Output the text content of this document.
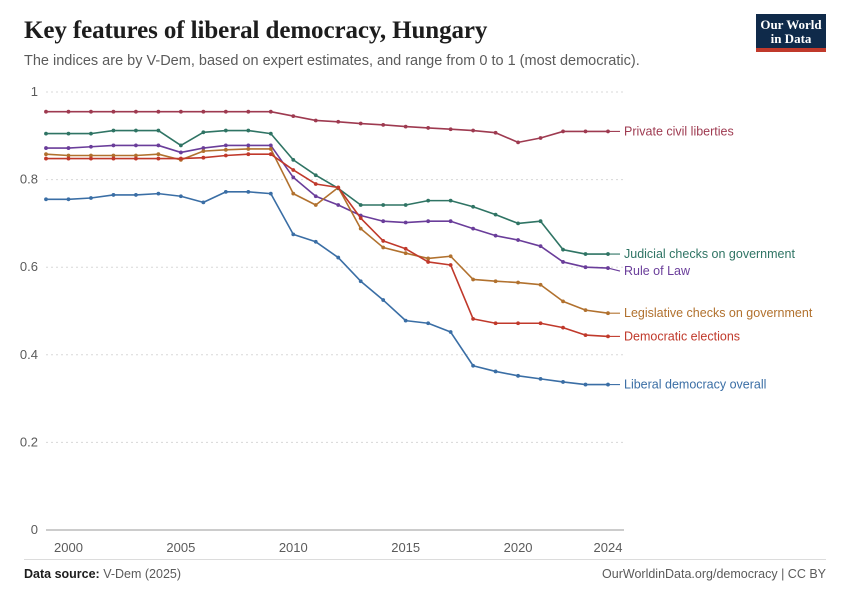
Key features of liberal democracy, Hungary

The indices are by V-Dem, based on expert estimates, and range from 0 to 1 (most democratic).

Our World
in Data
0
0.2
0.4
0.6
0.8
1
2000	2005	2010	2015	2020	2024
Private civil liberties
Judicial checks on government
Rule of Law
Legislative checks on government
Democratic elections
Liberal democracy overall
Data source: V-Dem (2025)	OurWorldinData.org/democracy | CC BY
